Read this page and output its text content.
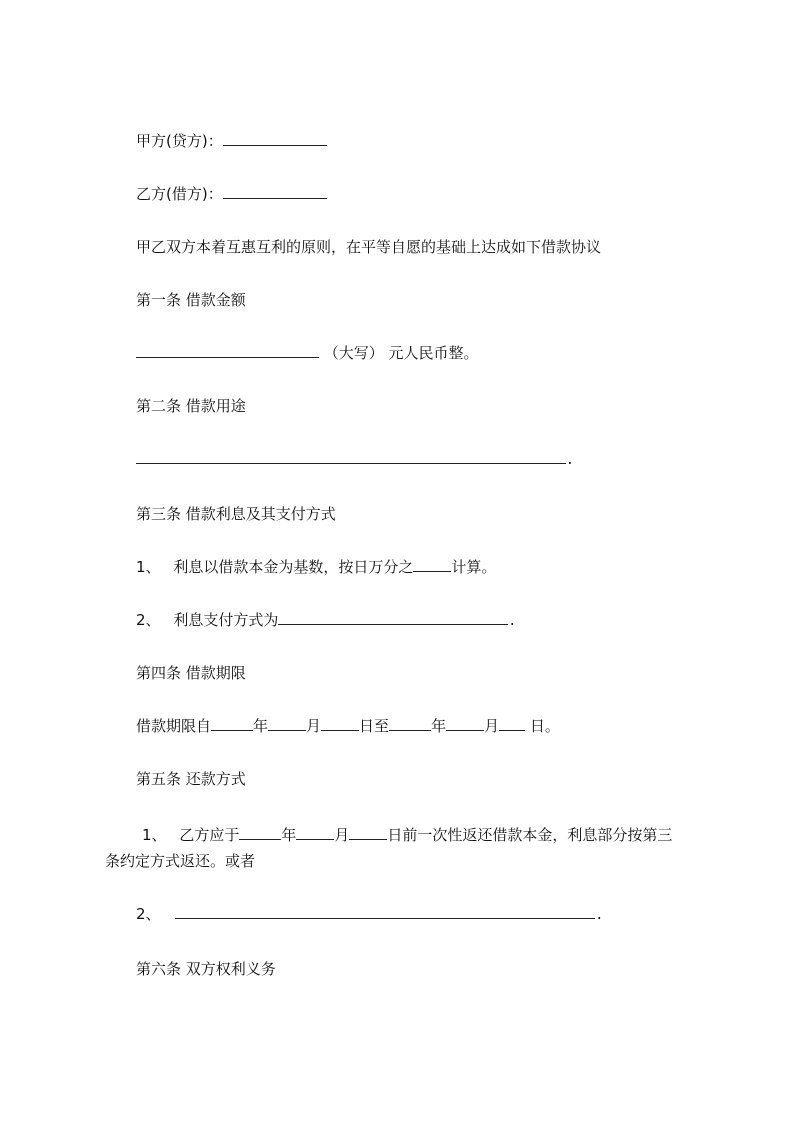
甲方(贷方)：
乙方(借方)：
甲乙双方本着互惠互利的原则，在平等自愿的基础上达成如下借款协议
第一条 借款金额
（大写） 元人民币整。
第二条 借款用途
.
第三条 借款利息及其支付方式
1、 利息以借款本金为基数，按日万分之	计算。
2、 利息支付方式为	.
第四条 借款期限
借款期限自	年	月	日至	年	月 日。
第五条 还款方式
1、 乙方应于	年	月	日前一次性返还借款本金，利息部分按第三
条约定方式返还。或者
2、	.
第六条 双方权利义务
